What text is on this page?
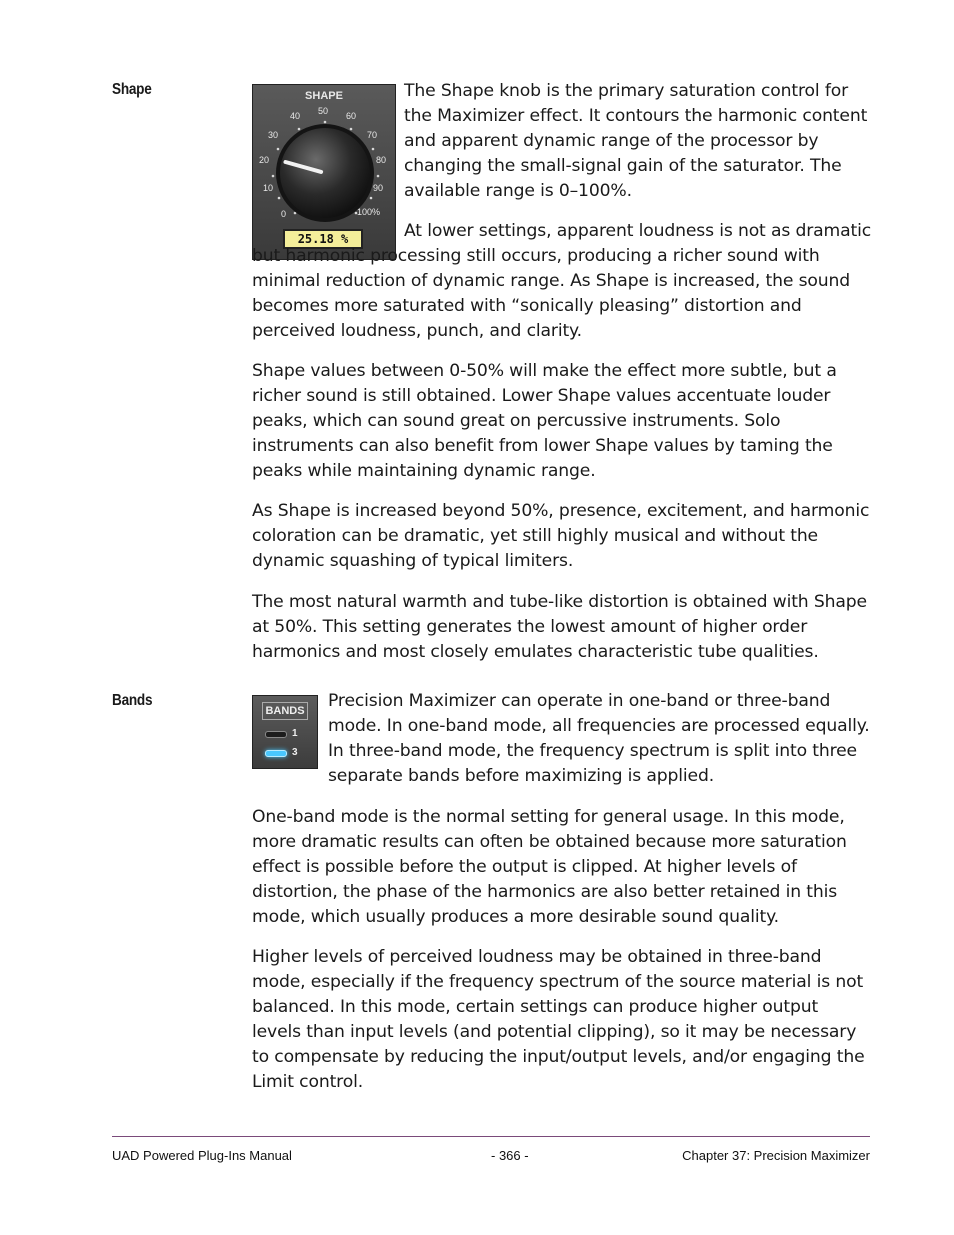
Shape	SHAPE
0
10
20
30
40 50 60
70
80
90
100%
25.18 %

The Shape knob is the primary saturation control for the Maximizer effect. It contours the harmonic content and apparent dynamic range of the processor by changing the small-signal gain of the saturator. The available range is 0–100%.

At lower settings, apparent loudness is not as dramatic but harmonic processing still occurs, producing a richer sound with minimal reduction of dynamic range. As Shape is increased, the sound becomes more saturated with “sonically pleasing” distortion and perceived loudness, punch, and clarity.

Shape values between 0-50% will make the effect more subtle, but a richer sound is still obtained. Lower Shape values accentuate louder peaks, which can sound great on percussive instruments. Solo instruments can also benefit from lower Shape values by taming the peaks while maintaining dynamic range.

As Shape is increased beyond 50%, presence, excitement, and harmonic coloration can be dramatic, yet still highly musical and without the dynamic squashing of typical limiters.

The most natural warmth and tube-like distortion is obtained with Shape at 50%. This setting generates the lowest amount of higher order harmonics and most closely emulates characteristic tube qualities.

Bands
BANDS
1
3

Precision Maximizer can operate in one-band or three-band mode. In one-band mode, all frequencies are processed equally. In three-band mode, the frequency spectrum is split into three separate bands before maximizing is applied.

One-band mode is the normal setting for general usage. In this mode, more dramatic results can often be obtained because more saturation effect is possible before the output is clipped. At higher levels of distortion, the phase of the harmonics are also better retained in this mode, which usually produces a more desirable sound quality.

Higher levels of perceived loudness may be obtained in three-band mode, especially if the frequency spectrum of the source material is not balanced. In this mode, certain settings can produce higher output levels than input levels (and potential clipping), so it may be necessary to compensate by reducing the input/output levels, and/or engaging the Limit control.

UAD Powered Plug-Ins Manual	- 366 -	Chapter 37: Precision Maximizer
